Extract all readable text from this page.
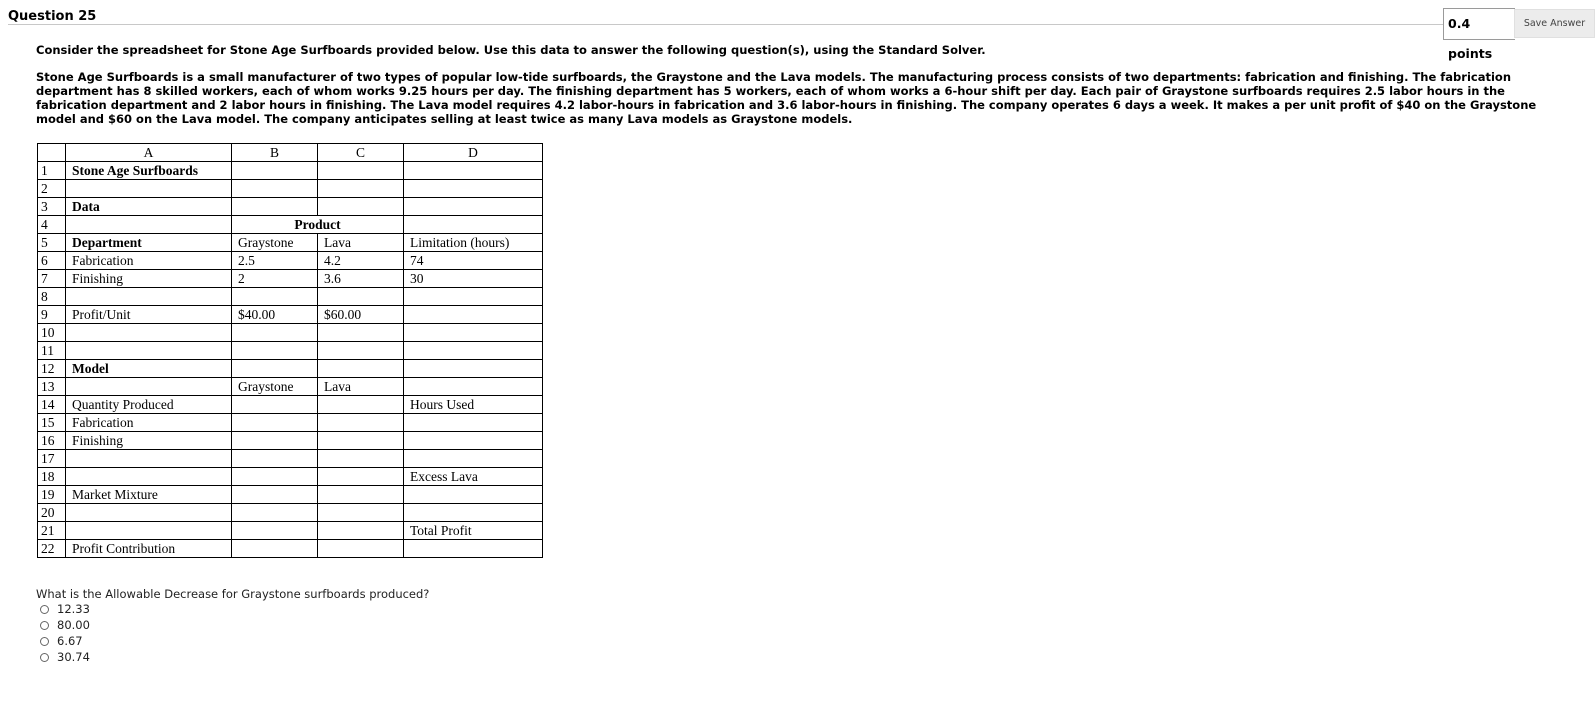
Question 25	0.4 points
Save Answer
Consider the spreadsheet for Stone Age Surfboards provided below. Use this data to answer the following question(s), using the Standard Solver.
Stone Age Surfboards is a small manufacturer of two types of popular low-tide surfboards, the Graystone and the Lava models. The manufacturing process consists of two departments: fabrication and finishing. The fabrication department has 8 skilled workers, each of whom works 9.25 hours per day. The finishing department has 5 workers, each of whom works a 6-hour shift per day. Each pair of Graystone surfboards requires 2.5 labor hours in the fabrication department and 2 labor hours in finishing. The Lava model requires 4.2 labor-hours in fabrication and 3.6 labor-hours in finishing. The company operates 6 days a week. It makes a per unit profit of $40 on the Graystone model and $60 on the Lava model. The company anticipates selling at least twice as many Lava models as Graystone models.
	A	B	C	D
1	Stone Age Surfboards			
2				
3	Data			
4		Product		
5	Department	Graystone	Lava	Limitation (hours)
6	Fabrication	2.5	4.2	74
7	Finishing	2	3.6	30
8				
9	Profit/Unit	$40.00	$60.00	
10				
11				
12	Model			
13		Graystone	Lava	
14	Quantity Produced			Hours Used
15	Fabrication			
16	Finishing			
17				
18				Excess Lava
19	Market Mixture			
20				
21				Total Profit
22	Profit Contribution			
What is the Allowable Decrease for Graystone surfboards produced?
12.33
80.00
6.67
30.74
